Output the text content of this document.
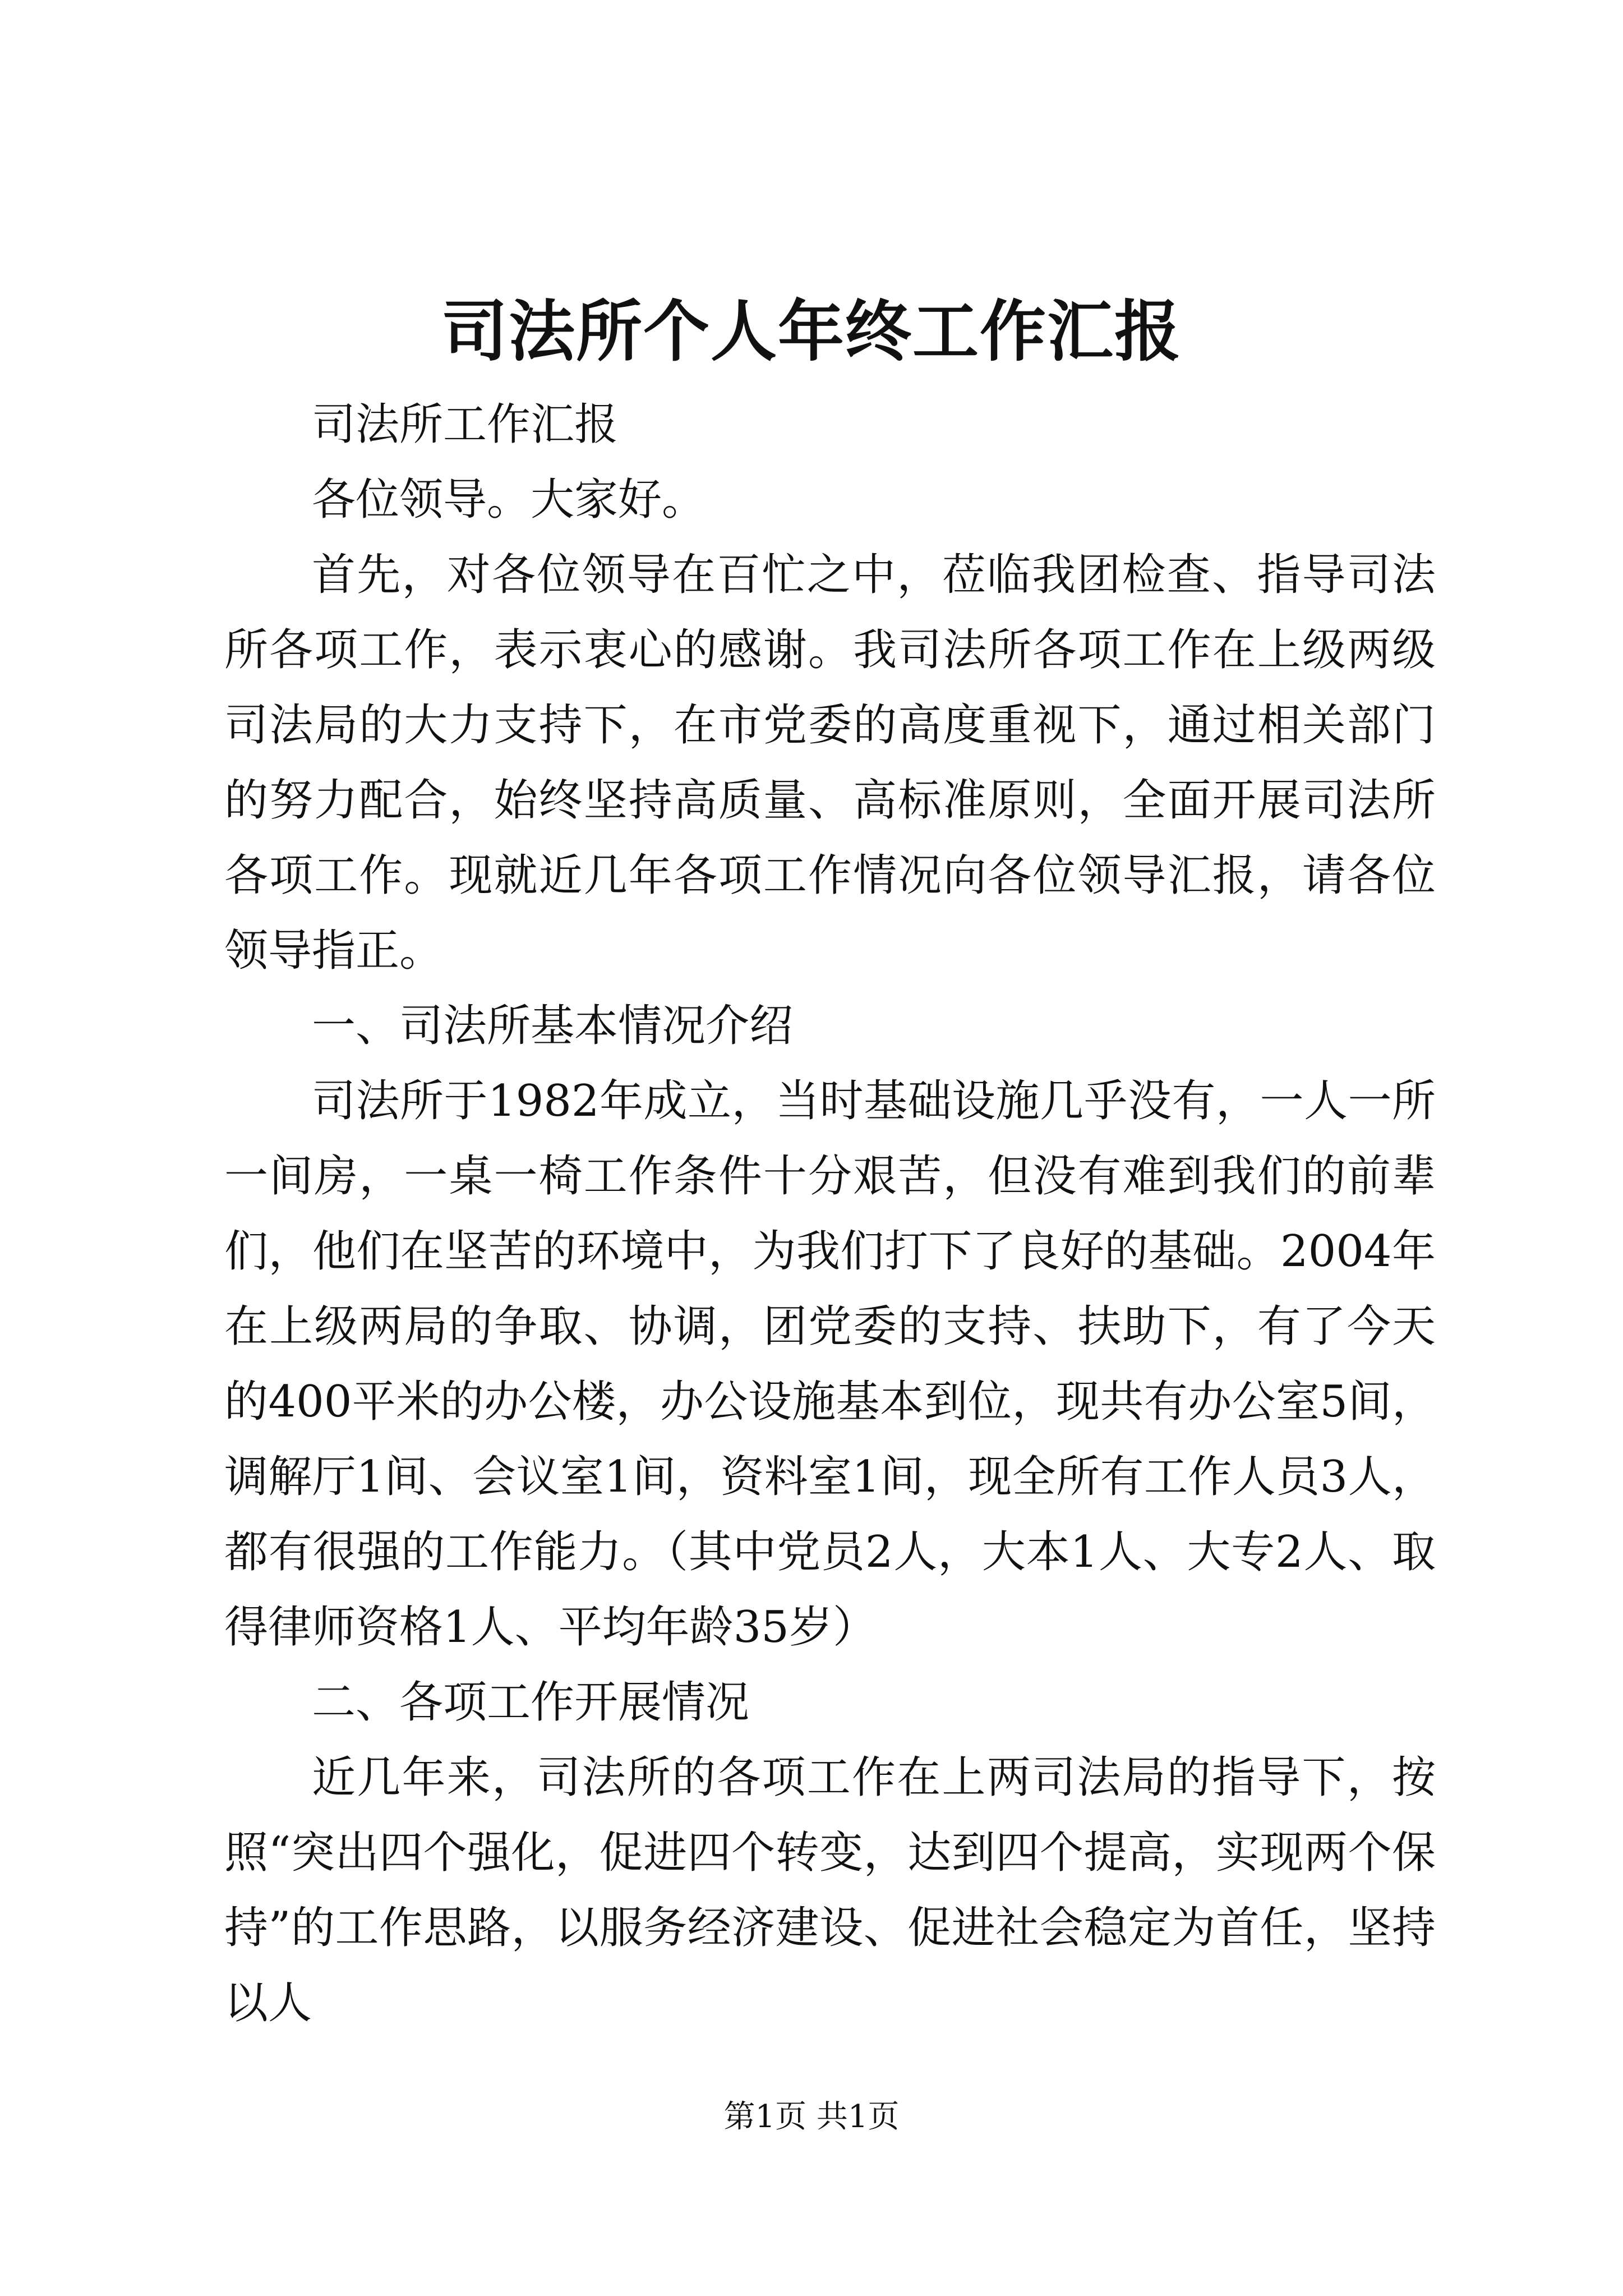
司法所个人年终工作汇报

司法所工作汇报

各位领导。大家好。

首先，对各位领导在百忙之中，莅临我团检查、指导司法所各项工作，表示衷心的感谢。我司法所各项工作在上级两级司法局的大力支持下，在市党委的高度重视下，通过相关部门的努力配合，始终坚持高质量、高标准原则，全面开展司法所各项工作。现就近几年各项工作情况向各位领导汇报，请各位领导指正。

一、司法所基本情况介绍

司法所于1982年成立，当时基础设施几乎没有，一人一所一间房，一桌一椅工作条件十分艰苦，但没有难到我们的前辈们，他们在坚苦的环境中，为我们打下了良好的基础。2004年在上级两局的争取、协调，团党委的支持、扶助下，有了今天的400平米的办公楼，办公设施基本到位，现共有办公室5间，调解厅1间、会议室1间，资料室1间，现全所有工作人员3人，都有很强的工作能力。（其中党员2人，大本1人、大专2人、取得律师资格1人、平均年龄35岁）

二、各项工作开展情况

近几年来，司法所的各项工作在上两司法局的指导下，按照“突出四个强化，促进四个转变，达到四个提高，实现两个保持”的工作思路，以服务经济建设、促进社会稳定为首任，坚持以人

第1页 共1页
